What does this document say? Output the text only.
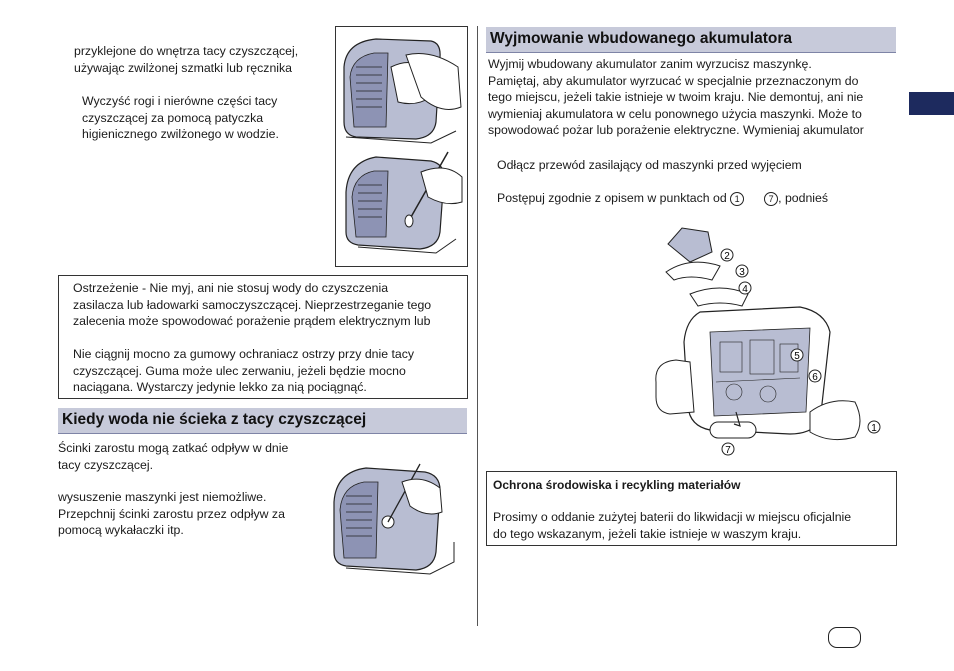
przyklejone do wnętrza tacy czyszczącej,

używając zwilżonej szmatki lub ręcznika

Wyczyść rogi i nierówne części tacy

czyszczącej za pomocą patyczka

higienicznego zwilżonego w wodzie.

Ostrzeżenie - Nie myj, ani nie stosuj wody do czyszczenia

zasilacza lub ładowarki samoczyszczącej. Nieprzestrzeganie tego

zalecenia może spowodować porażenie prądem elektrycznym lub

Nie ciągnij mocno za gumowy ochraniacz ostrzy przy dnie tacy

czyszczącej. Guma może ulec zerwaniu, jeżeli będzie mocno

naciągana. Wystarczy jedynie lekko za nią pociągnąć.

Kiedy woda nie ścieka z tacy czyszczącej

Ścinki zarostu mogą zatkać odpływ w dnie

tacy czyszczącej.

wysuszenie maszynki jest niemożliwe.

Przepchnij ścinki zarostu przez odpływ za

pomocą wykałaczki itp.

Wyjmowanie wbudowanego akumulatora

Wyjmij wbudowany akumulator zanim wyrzucisz maszynkę.

Pamiętaj, aby akumulator wyrzucać w specjalnie przeznaczonym do

tego miejscu, jeżeli takie istnieje w twoim kraju. Nie demontuj, ani nie

wymieniaj akumulatora w celu ponownego użycia maszynki. Może to

spowodować pożar lub porażenie elektryczne. Wymieniaj akumulator

Odłącz przewód zasilający od maszynki przed wyjęciem
Postępuj zgodnie z opisem w punktach od 1	7 , podnieś
2
3
4
5
6
1
7
Ochrona środowiska i recykling materiałów

Prosimy o oddanie zużytej baterii do likwidacji w miejscu oficjalnie

do tego wskazanym, jeżeli takie istnieje w waszym kraju.
